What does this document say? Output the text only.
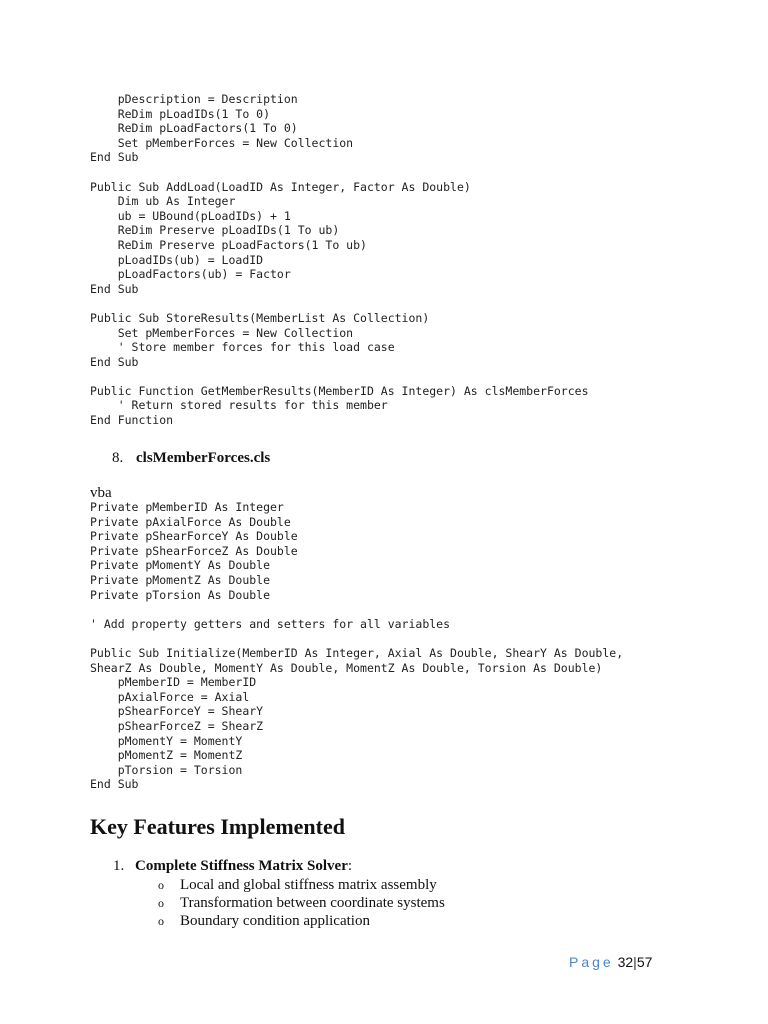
pDescription = Description
ReDim pLoadIDs(1 To 0)
ReDim pLoadFactors(1 To 0)
Set pMemberForces = New Collection
End Sub

Public Sub AddLoad(LoadID As Integer, Factor As Double)
Dim ub As Integer
ub = UBound(pLoadIDs) + 1
ReDim Preserve pLoadIDs(1 To ub)
ReDim Preserve pLoadFactors(1 To ub)
pLoadIDs(ub) = LoadID
pLoadFactors(ub) = Factor
End Sub

Public Sub StoreResults(MemberList As Collection)
Set pMemberForces = New Collection
' Store member forces for this load case
End Sub

Public Function GetMemberResults(MemberID As Integer) As clsMemberForces
' Return stored results for this member
End Function

8. clsMemberForces.cls
vba
Private pMemberID As Integer
Private pAxialForce As Double
Private pShearForceY As Double
Private pShearForceZ As Double
Private pMomentY As Double
Private pMomentZ As Double
Private pTorsion As Double

' Add property getters and setters for all variables

Public Sub Initialize(MemberID As Integer, Axial As Double, ShearY As Double,
ShearZ As Double, MomentY As Double, MomentZ As Double, Torsion As Double)
pMemberID = MemberID
pAxialForce = Axial
pShearForceY = ShearY
pShearForceZ = ShearZ
pMomentY = MomentY
pMomentZ = MomentZ
pTorsion = Torsion
End Sub

Key Features Implemented
1. Complete Stiffness Matrix Solver:
o Local and global stiffness matrix assembly
o Transformation between coordinate systems
o Boundary condition application
Page 32|57
